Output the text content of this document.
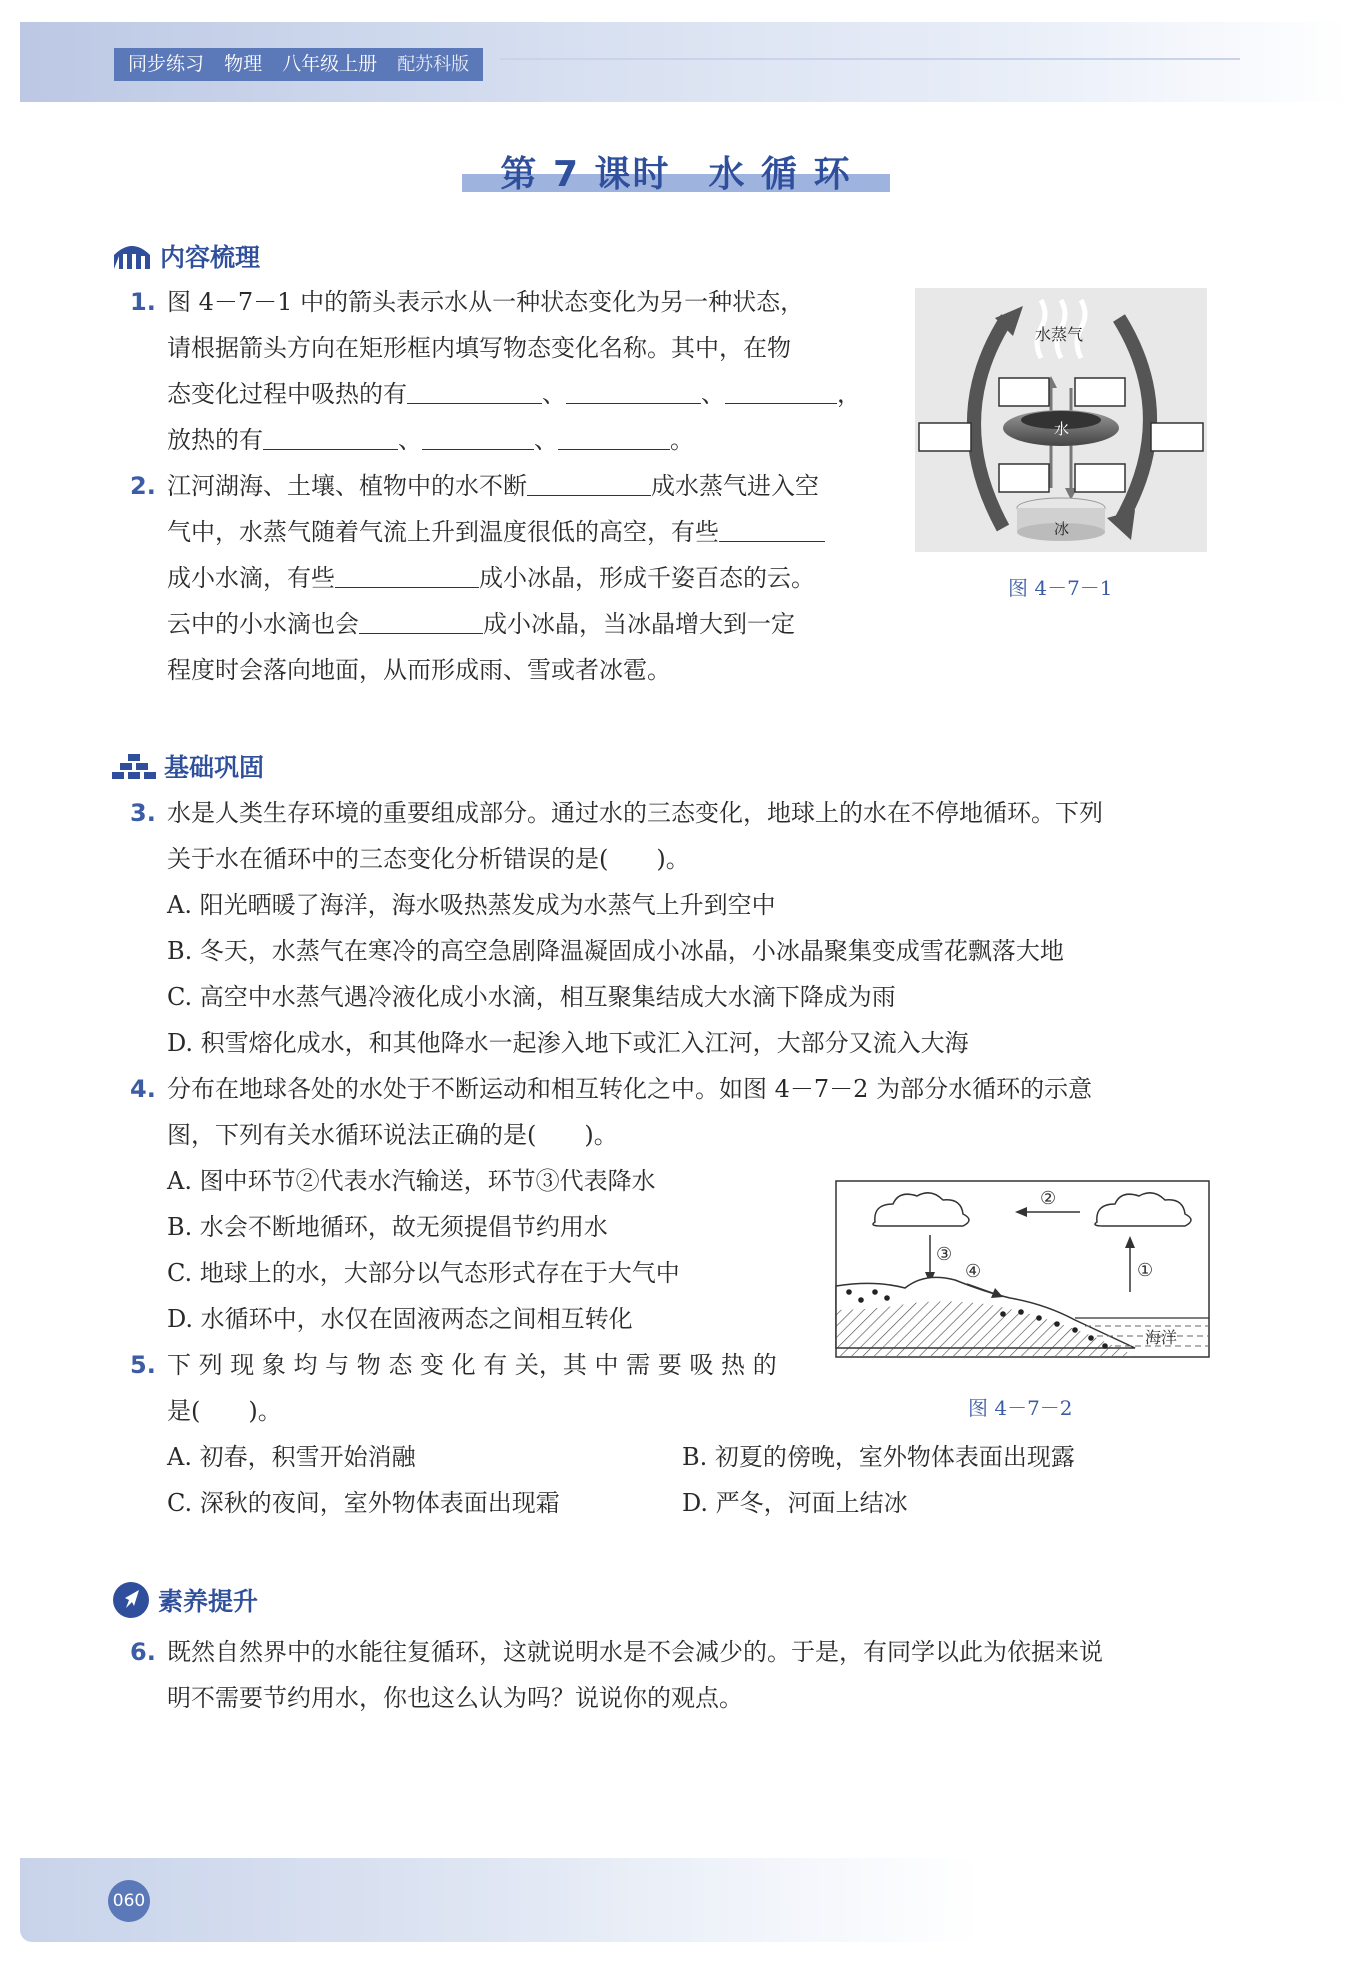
同步练习 物理 八年级上册 配苏科版
第 7 课时　水 循 环
内容梳理
1. 图 4－7－1 中的箭头表示水从一种状态变化为另一种状态，
请根据箭头方向在矩形框内填写物态变化名称。其中，在物
态变化过程中吸热的有	、	、	，
放热的有	、	、	。
2. 江河湖海、土壤、植物中的水不断	成水蒸气进入空
气中，水蒸气随着气流上升到温度很低的高空，有些
成小水滴，有些	成小冰晶，形成千姿百态的云。
云中的小水滴也会	成小冰晶，当冰晶增大到一定
程度时会落向地面，从而形成雨、雪或者冰雹。
水蒸气
水
冰
图 4－7－1
基础巩固
3. 水是人类生存环境的重要组成部分。通过水的三态变化，地球上的水在不停地循环。下列
关于水在循环中的三态变化分析错误的是(　　)。
A. 阳光晒暖了海洋，海水吸热蒸发成为水蒸气上升到空中
B. 冬天，水蒸气在寒冷的高空急剧降温凝固成小冰晶，小冰晶聚集变成雪花飘落大地
C. 高空中水蒸气遇冷液化成小水滴，相互聚集结成大水滴下降成为雨
D. 积雪熔化成水，和其他降水一起渗入地下或汇入江河，大部分又流入大海
4. 分布在地球各处的水处于不断运动和相互转化之中。如图 4－7－2 为部分水循环的示意
图，下列有关水循环说法正确的是(　　)。
A. 图中环节②代表水汽输送，环节③代表降水
B. 水会不断地循环，故无须提倡节约用水
C. 地球上的水，大部分以气态形式存在于大气中
D. 水循环中，水仅在固液两态之间相互转化
②
③
①
④
海洋
图 4－7－2
5. 下 列 现 象 均 与 物 态 变 化 有 关，其 中 需 要 吸 热 的
是(　　)。
A. 初春，积雪开始消融	B. 初夏的傍晚，室外物体表面出现露
C. 深秋的夜间，室外物体表面出现霜	D. 严冬，河面上结冰
素养提升
6. 既然自然界中的水能往复循环，这就说明水是不会减少的。于是，有同学以此为依据来说
明不需要节约用水，你也这么认为吗？说说你的观点。
060
